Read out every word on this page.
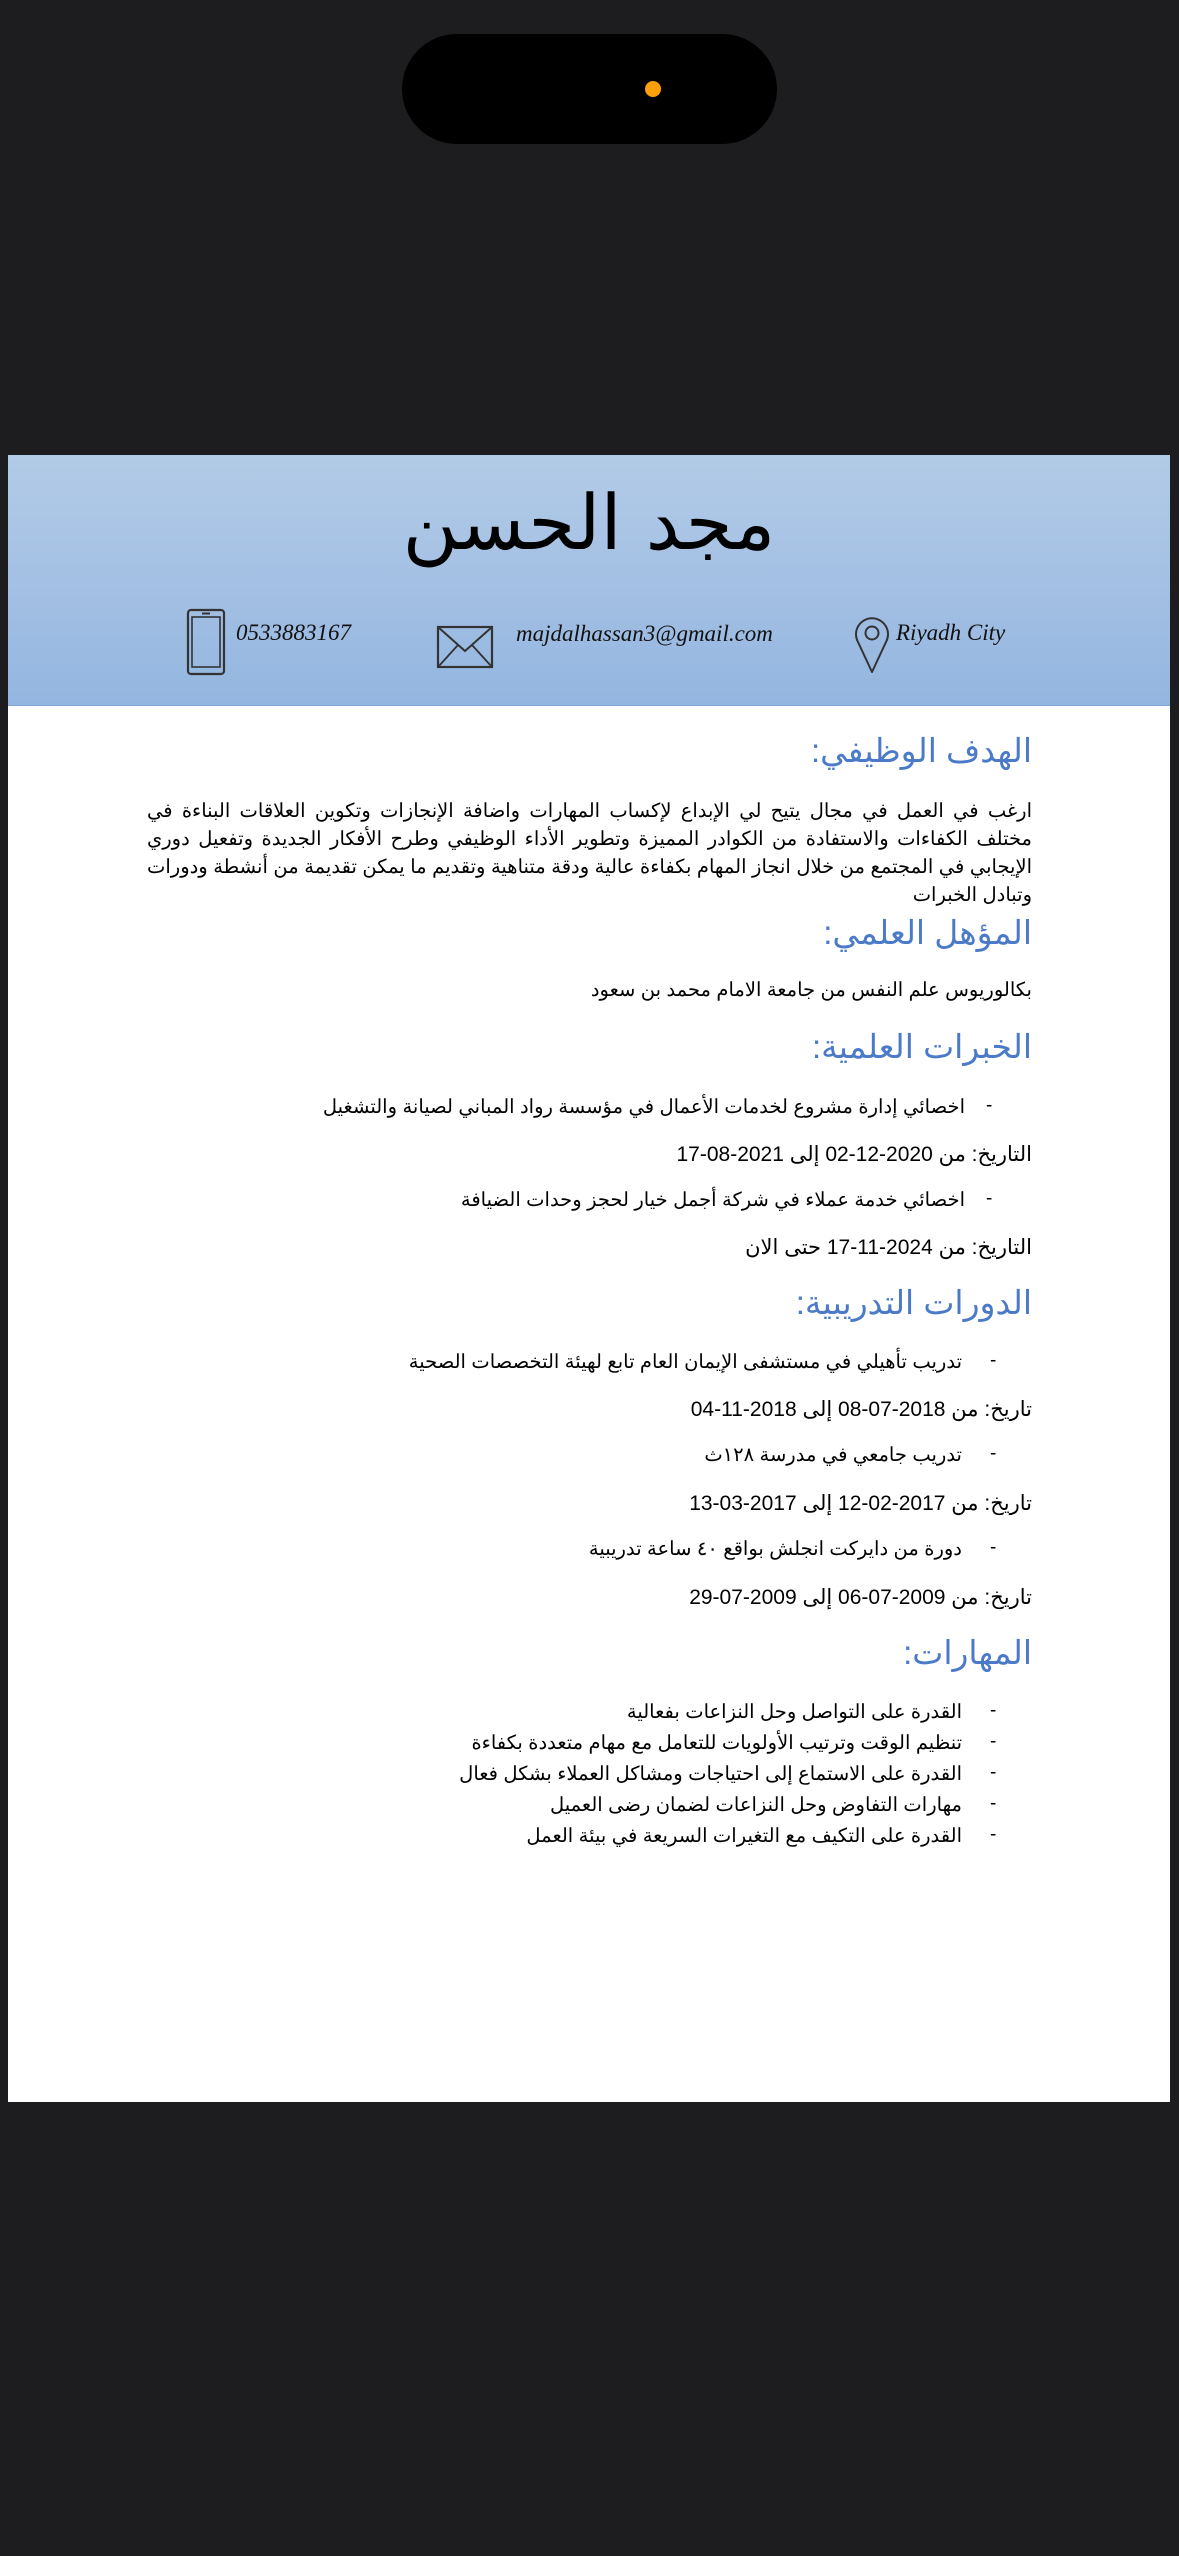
مجد الحسن
0533883167	majdalhassan3@gmail.com	Riyadh City
الهدف الوظيفي:
ارغب في العمل في مجال يتيح لي الإبداع لإكساب المهارات واضافة الإنجازات وتكوين العلاقات البناءة في مختلف الكفاءات والاستفادة من الكوادر المميزة وتطوير الأداء الوظيفي وطرح الأفكار الجديدة وتفعيل دوري الإيجابي في المجتمع من خلال انجاز المهام بكفاءة عالية ودقة متناهية وتقديم ما يمكن تقديمة من أنشطة ودورات وتبادل الخبرات
المؤهل العلمي:
بكالوريوس علم النفس من جامعة الامام محمد بن سعود
الخبرات العلمية:
-
اخصائي إدارة مشروع لخدمات الأعمال في مؤسسة رواد المباني لصيانة والتشغيل
التاريخ: من 2020-12-02 إلى 2021-08-17
-
اخصائي خدمة عملاء في شركة أجمل خيار لحجز وحدات الضيافة
التاريخ: من 2024-11-17 حتى الان
الدورات التدريبية:
-
تدريب تأهيلي في مستشفى الإيمان العام تابع لهيئة التخصصات الصحية
تاريخ: من 2018-07-08 إلى 2018-11-04
-
تدريب جامعي في مدرسة ١٢٨ث
تاريخ: من 2017-02-12 إلى 2017-03-13
-
دورة من دايركت انجلش بواقع ٤٠ ساعة تدريبية
تاريخ: من 2009-07-06 إلى 2009-07-29
المهارات:
-
القدرة على التواصل وحل النزاعات بفعالية
-
تنظيم الوقت وترتيب الأولويات للتعامل مع مهام متعددة بكفاءة
-
القدرة على الاستماع إلى احتياجات ومشاكل العملاء بشكل فعال
-
مهارات التفاوض وحل النزاعات لضمان رضى العميل
-
القدرة على التكيف مع التغيرات السريعة في بيئة العمل
